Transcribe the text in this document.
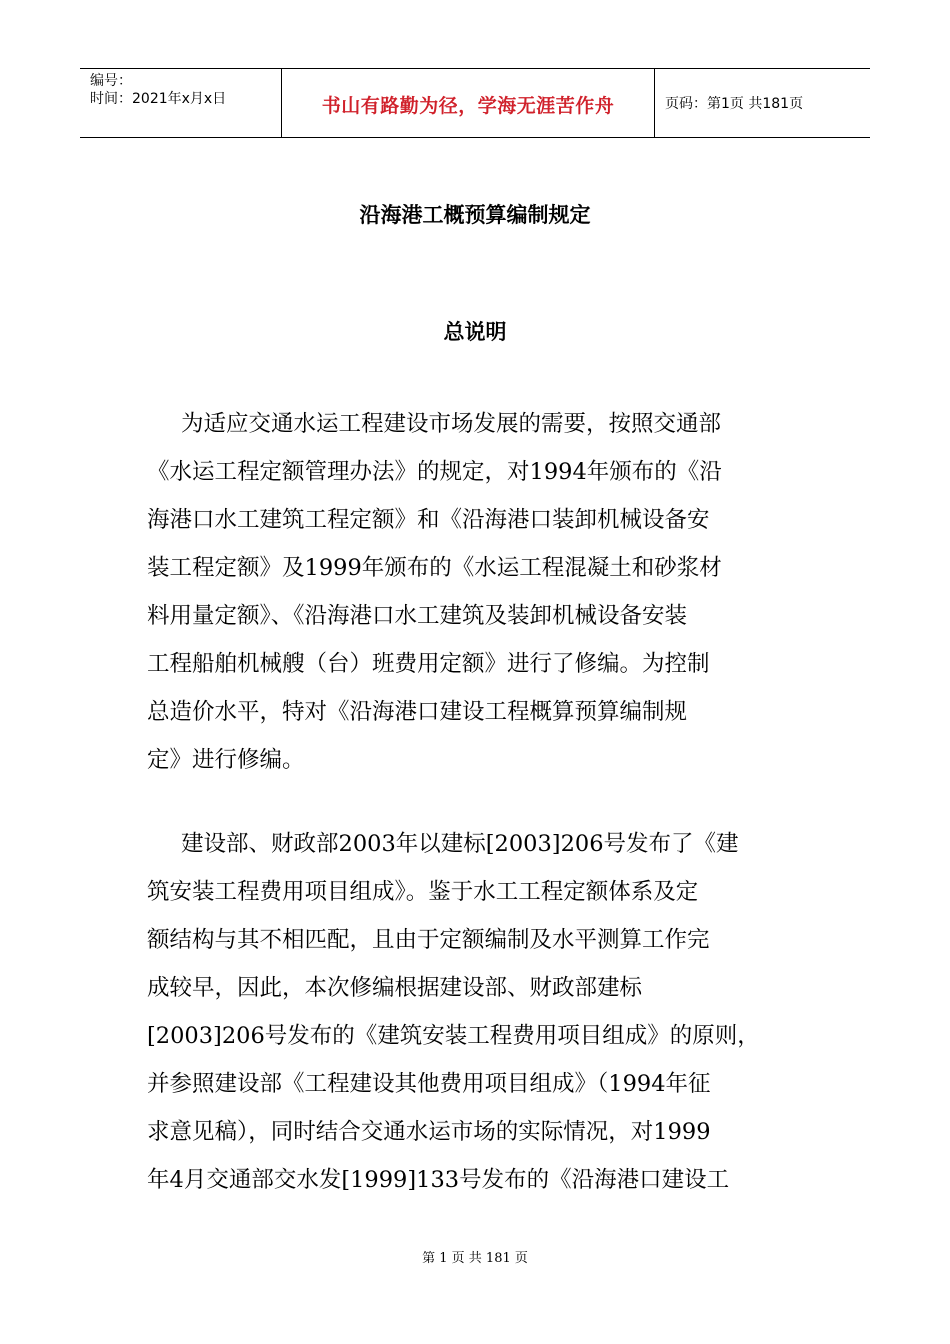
编号：
时间：2021年x月x日	书山有路勤为径，学海无涯苦作舟	页码：第1页 共181页
沿海港工概预算编制规定
总说明
为适应交通水运工程建设市场发展的需要，按照交通部
《水运工程定额管理办法》的规定，对1994年颁布的《沿
海港口水工建筑工程定额》和《沿海港口装卸机械设备安
装工程定额》及1999年颁布的《水运工程混凝土和砂浆材
料用量定额》、《沿海港口水工建筑及装卸机械设备安装
工程船舶机械艘（台）班费用定额》进行了修编。为控制
总造价水平，特对《沿海港口建设工程概算预算编制规
定》进行修编。
建设部、财政部2003年以建标[2003]206号发布了《建
筑安装工程费用项目组成》。鉴于水工工程定额体系及定
额结构与其不相匹配，且由于定额编制及水平测算工作完
成较早，因此，本次修编根据建设部、财政部建标
[2003]206号发布的《建筑安装工程费用项目组成》的原则，
并参照建设部《工程建设其他费用项目组成》（1994年征
求意见稿），同时结合交通水运市场的实际情况，对1999
年4月交通部交水发[1999]133号发布的《沿海港口建设工
第 1 页 共 181 页
